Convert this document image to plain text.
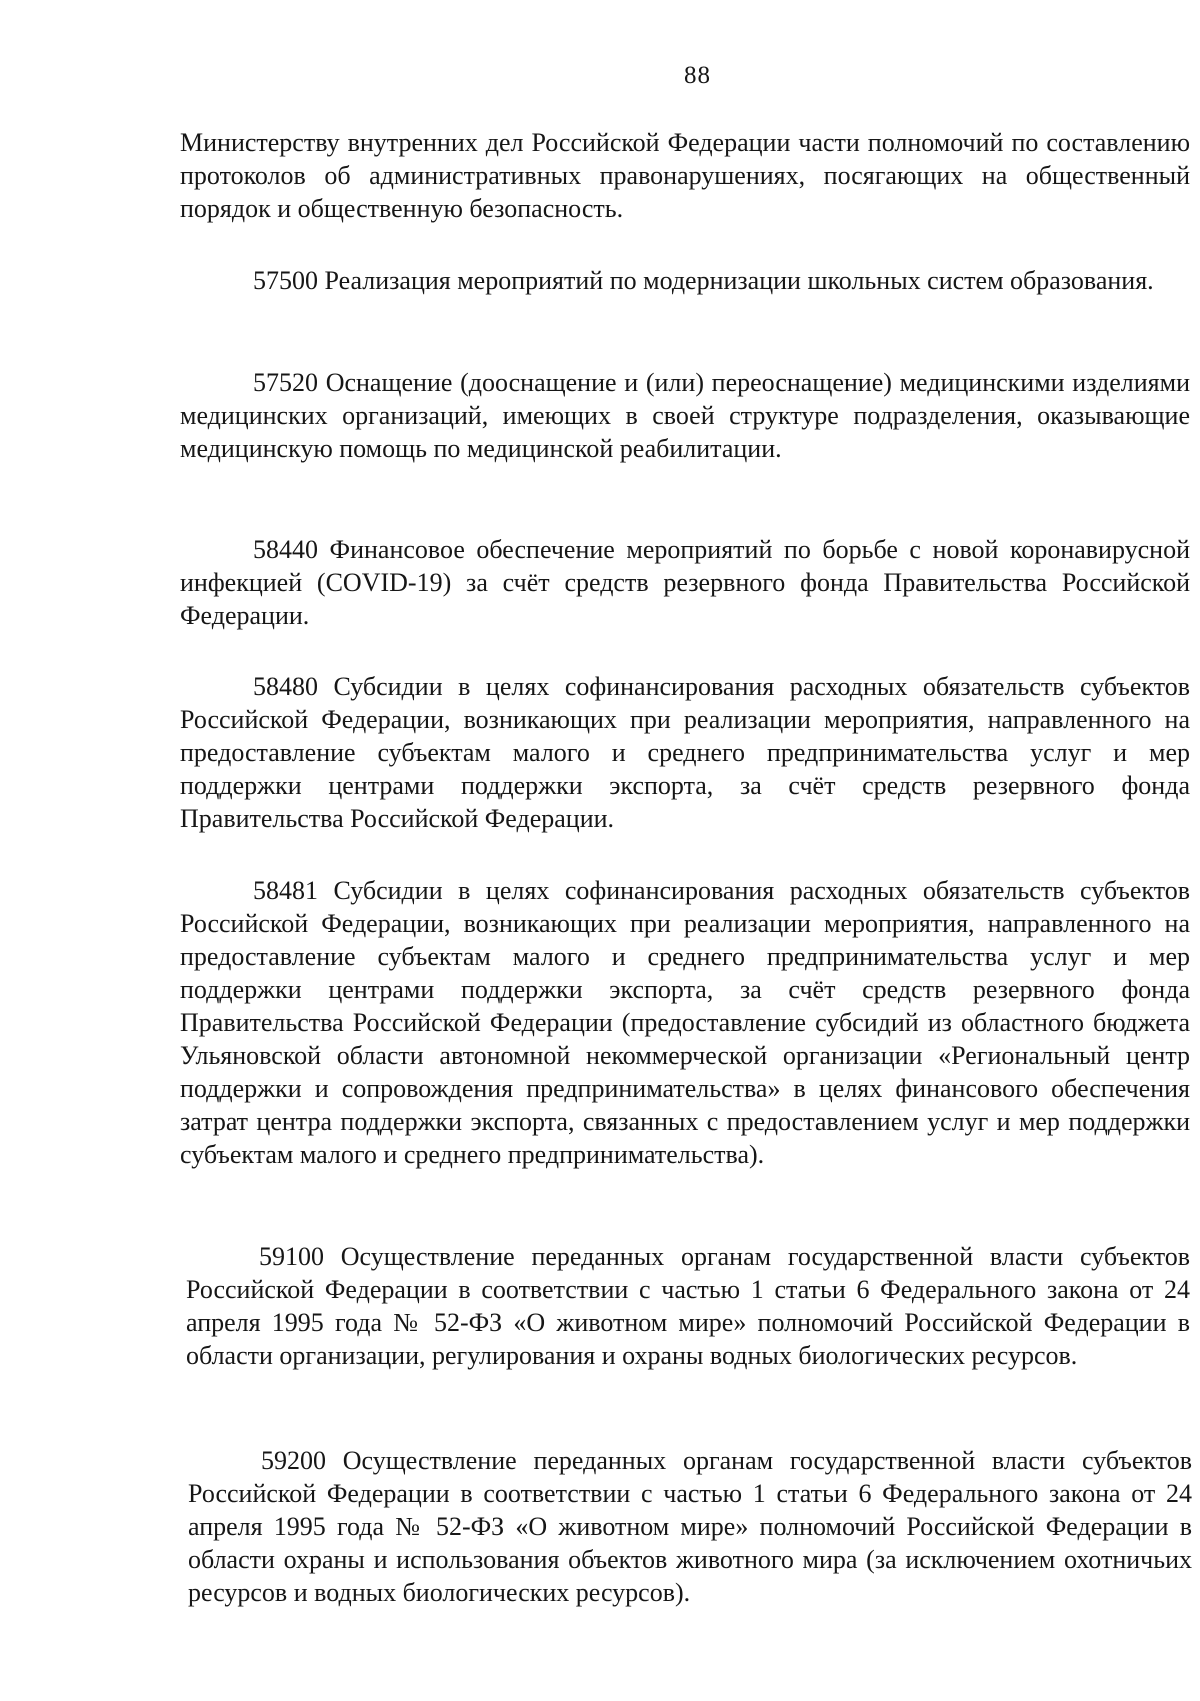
88

Министерству внутренних дел Российской Федерации части полномочий по составлению протоколов об административных правонарушениях, посягающих на общественный порядок и общественную безопасность.

57500 Реализация мероприятий по модернизации школьных систем образования.

57520 Оснащение (дооснащение и (или) переоснащение) медицинскими изделиями медицинских организаций, имеющих в своей структуре подразделения, оказывающие медицинскую помощь по медицинской реабилитации.

58440 Финансовое обеспечение мероприятий по борьбе с новой коронавирусной инфекцией (COVID-19) за счёт средств резервного фонда Правительства Российской Федерации.

58480 Субсидии в целях софинансирования расходных обязательств субъектов Российской Федерации, возникающих при реализации мероприятия, направленного на предоставление субъектам малого и среднего предпринимательства услуг и мер поддержки центрами поддержки экспорта, за счёт средств резервного фонда Правительства Российской Федерации.

58481 Субсидии в целях софинансирования расходных обязательств субъектов Российской Федерации, возникающих при реализации мероприятия, направленного на предоставление субъектам малого и среднего предпринимательства услуг и мер поддержки центрами поддержки экспорта, за счёт средств резервного фонда Правительства Российской Федерации (предоставление субсидий из областного бюджета Ульяновской области автономной некоммерческой организации «Региональный центр поддержки и сопровождения предпринимательства» в целях финансового обеспечения затрат центра поддержки экспорта, связанных с предоставлением услуг и мер поддержки субъектам малого и среднего предпринимательства).

59100 Осуществление переданных органам государственной власти субъектов Российской Федерации в соответствии с частью 1 статьи 6 Федерального закона от 24 апреля 1995 года № 52-ФЗ «О животном мире» полномочий Российской Федерации в области организации, регулирования и охраны водных биологических ресурсов.

59200 Осуществление переданных органам государственной власти субъектов Российской Федерации в соответствии с частью 1 статьи 6 Федерального закона от 24 апреля 1995 года № 52-ФЗ «О животном мире» полномочий Российской Федерации в области охраны и использования объектов животного мира (за исключением охотничьих ресурсов и водных биологических ресурсов).
